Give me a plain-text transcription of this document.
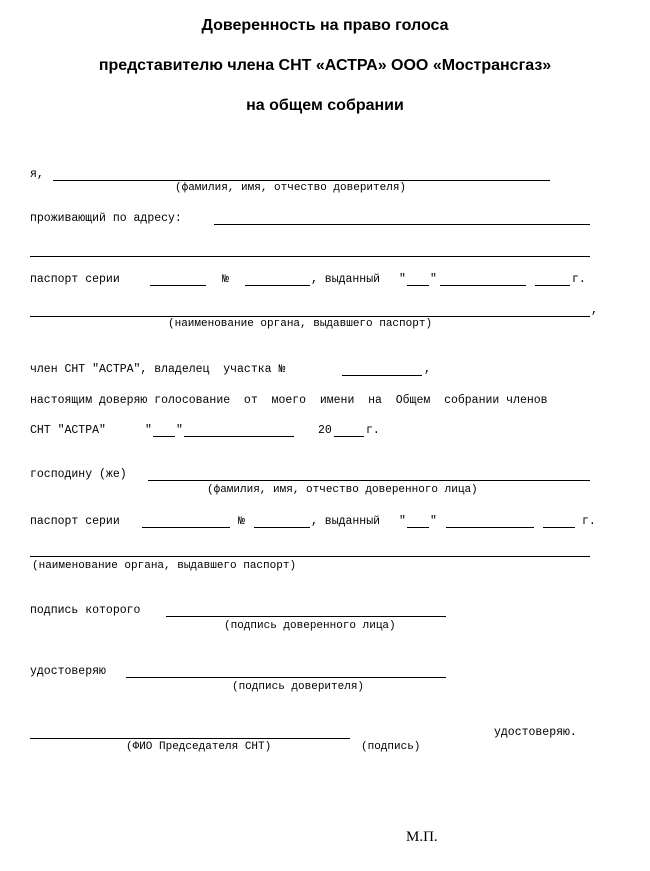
Доверенность на право голоса
представителю члена СНТ «АСТРА» ООО «Мострансгаз»
на общем собрании
я,
(фамилия, имя, отчество доверителя)
проживающий по адресу:
паспорт серии	№	, выданный " "	г.
,
(наименование органа, выдавшего паспорт)
член СНТ "АСТРА", владелец  участка №	,
настоящим доверяю голосование  от  моего  имени  на  Общем  собрании членов
СНТ "АСТРА"	" "	20	г.
господину (же)
(фамилия, имя, отчество доверенного лица)
паспорт серии	№	, выданный " "	г.
(наименование органа, выдавшего паспорт)
подпись которого
(подпись доверенного лица)
удостоверяю
(подпись доверителя)
удостоверяю.
(ФИО Председателя СНТ)	(подпись)
М.П.
